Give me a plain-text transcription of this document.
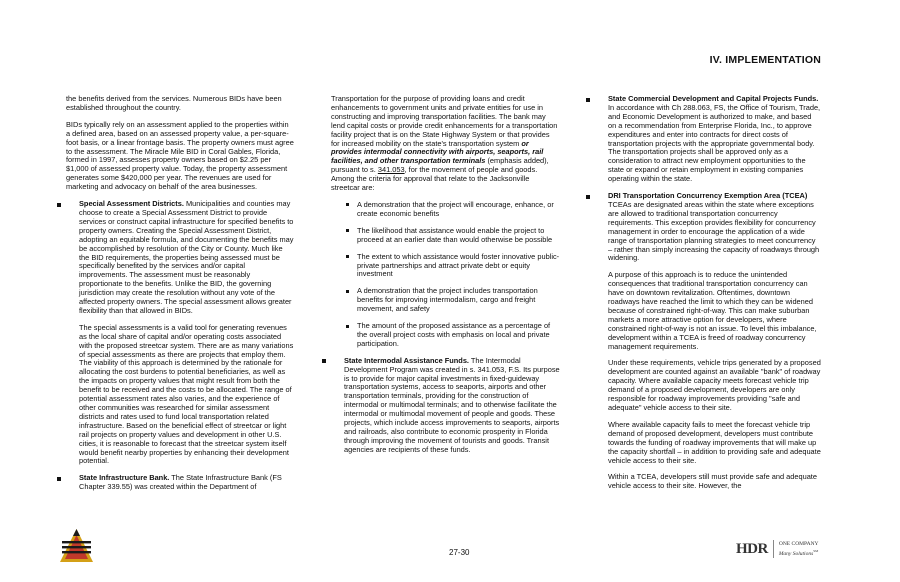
IV. IMPLEMENTATION

the benefits derived from the services. Numerous BIDs have been established throughout the country.

BIDs typically rely on an assessment applied to the properties within a defined area, based on an assessed property value, a per-square-foot basis, or a linear frontage basis. The property owners must agree to the assessment. The Miracle Mile BID in Coral Gables, Florida, formed in 1997, assesses property owners based on $2.25 per $1,000 of assessed property value. Today, the property assessment generates some $420,000 per year. The revenues are used for marketing and advocacy on behalf of the area businesses.

Special Assessment Districts. Municipalities and counties may choose to create a Special Assessment District to provide services or construct capital infrastructure for specified benefits to property owners. Creating the Special Assessment District, adopting an equitable formula, and documenting the benefits may be accomplished by resolution of the City or County. Much like the BID requirements, the properties being assessed must be specifically benefited by the services and/or capital improvements. The assessment must be reasonably proportionate to the benefits. Unlike the BID, the governing jurisdiction may create the resolution without any vote of the affected property owners. The special assessment allows greater flexibility than that allowed in BIDs.

The special assessments is a valid tool for generating revenues as the local share of capital and/or operating costs associated with the proposed streetcar system. There are as many variations of special assessments as there are projects that employ them. The viability of this approach is determined by the rationale for allocating the cost burdens to potential beneficiaries, as well as the impacts on property values that might result from both the benefit to be received and the costs to be allocated. The range of potential assessment rates also varies, and the experience of other communities was researched for similar assessment districts and rates used to fund local transportation related infrastructure. Based on the beneficial effect of streetcar or light rail projects on property values and development in other U.S. cities, it is reasonable to forecast that the streetcar system itself would benefit nearby properties by enhancing their development potential.

State Infrastructure Bank. The State Infrastructure Bank (FS Chapter 339.55) was created within the Department of

Transportation for the purpose of providing loans and credit enhancements to government units and private entities for use in constructing and improving transportation facilities. The bank may lend capital costs or provide credit enhancements for a transportation facility project that is on the State Highway System or that provides for increased mobility on the state's transportation system or provides intermodal connectivity with airports, seaports, rail facilities, and other transportation terminals (emphasis added), pursuant to s. 341.053, for the movement of people and goods. Among the criteria for approval that relate to the Jacksonville streetcar are:

A demonstration that the project will encourage, enhance, or create economic benefits
The likelihood that assistance would enable the project to proceed at an earlier date than would otherwise be possible
The extent to which assistance would foster innovative public-private partnerships and attract private debt or equity investment
A demonstration that the project includes transportation benefits for improving intermodalism, cargo and freight movement, and safety
The amount of the proposed assistance as a percentage of the overall project costs with emphasis on local and private participation.
State Intermodal Assistance Funds. The Intermodal Development Program was created in s. 341.053, F.S. Its purpose is to provide for major capital investments in fixed-guideway transportation systems, access to seaports, airports and other transportation terminals, providing for the construction of intermodal or multimodal terminals; and to otherwise facilitate the intermodal or multimodal movement of people and goods. These projects, which include access improvements to seaports, airports and railroads, also contribute to economic prosperity in Florida through improving the movement of tourists and goods. Transit agencies are recipients of these funds.
State Commercial Development and Capital Projects Funds. In accordance with Ch 288.063, FS, the Office of Tourism, Trade, and Economic Development is authorized to make, and based on a recommendation from Enterprise Florida, Inc., to approve expenditures and enter into contracts for direct costs of transportation projects with the appropriate governmental body. The transportation projects shall be approved only as a consideration to attract new employment opportunities to the state or expand or retain employment in existing companies operating within the state.
DRI Transportation Concurrency Exemption Area (TCEA)
TCEAs are designated areas within the state where exceptions are allowed to traditional transportation concurrency requirements. This exception provides flexibility for concurrency management in order to encourage the application of a wide range of transportation planning strategies to meet concurrency – rather than simply increasing the capacity of roadways through widening.

A purpose of this approach is to reduce the unintended consequences that traditional transportation concurrency can have on downtown revitalization. Oftentimes, downtown roadways have reached the limit to which they can be widened because of constrained right-of-way. This can make suburban markets a more attractive option for developers, where constrained right-of-way is not an issue. To level this imbalance, development within a TCEA is freed of roadway concurrency management requirements.

Under these requirements, vehicle trips generated by a proposed development are counted against an available "bank" of roadway capacity. Where available capacity meets forecast vehicle trip demand of a proposed development, developers are only responsible for roadway improvements providing "safe and adequate" vehicle access to their site.

Where available capacity fails to meet the forecast vehicle trip demand of proposed development, developers must contribute towards the funding of roadway improvements that will make up the capacity shortfall – in addition to providing safe and adequate vehicle access to their site.

Within a TCEA, developers still must provide safe and adequate vehicle access to their site. However, the

27-30	HDR ONE COMPANY
Many Solutions℠
